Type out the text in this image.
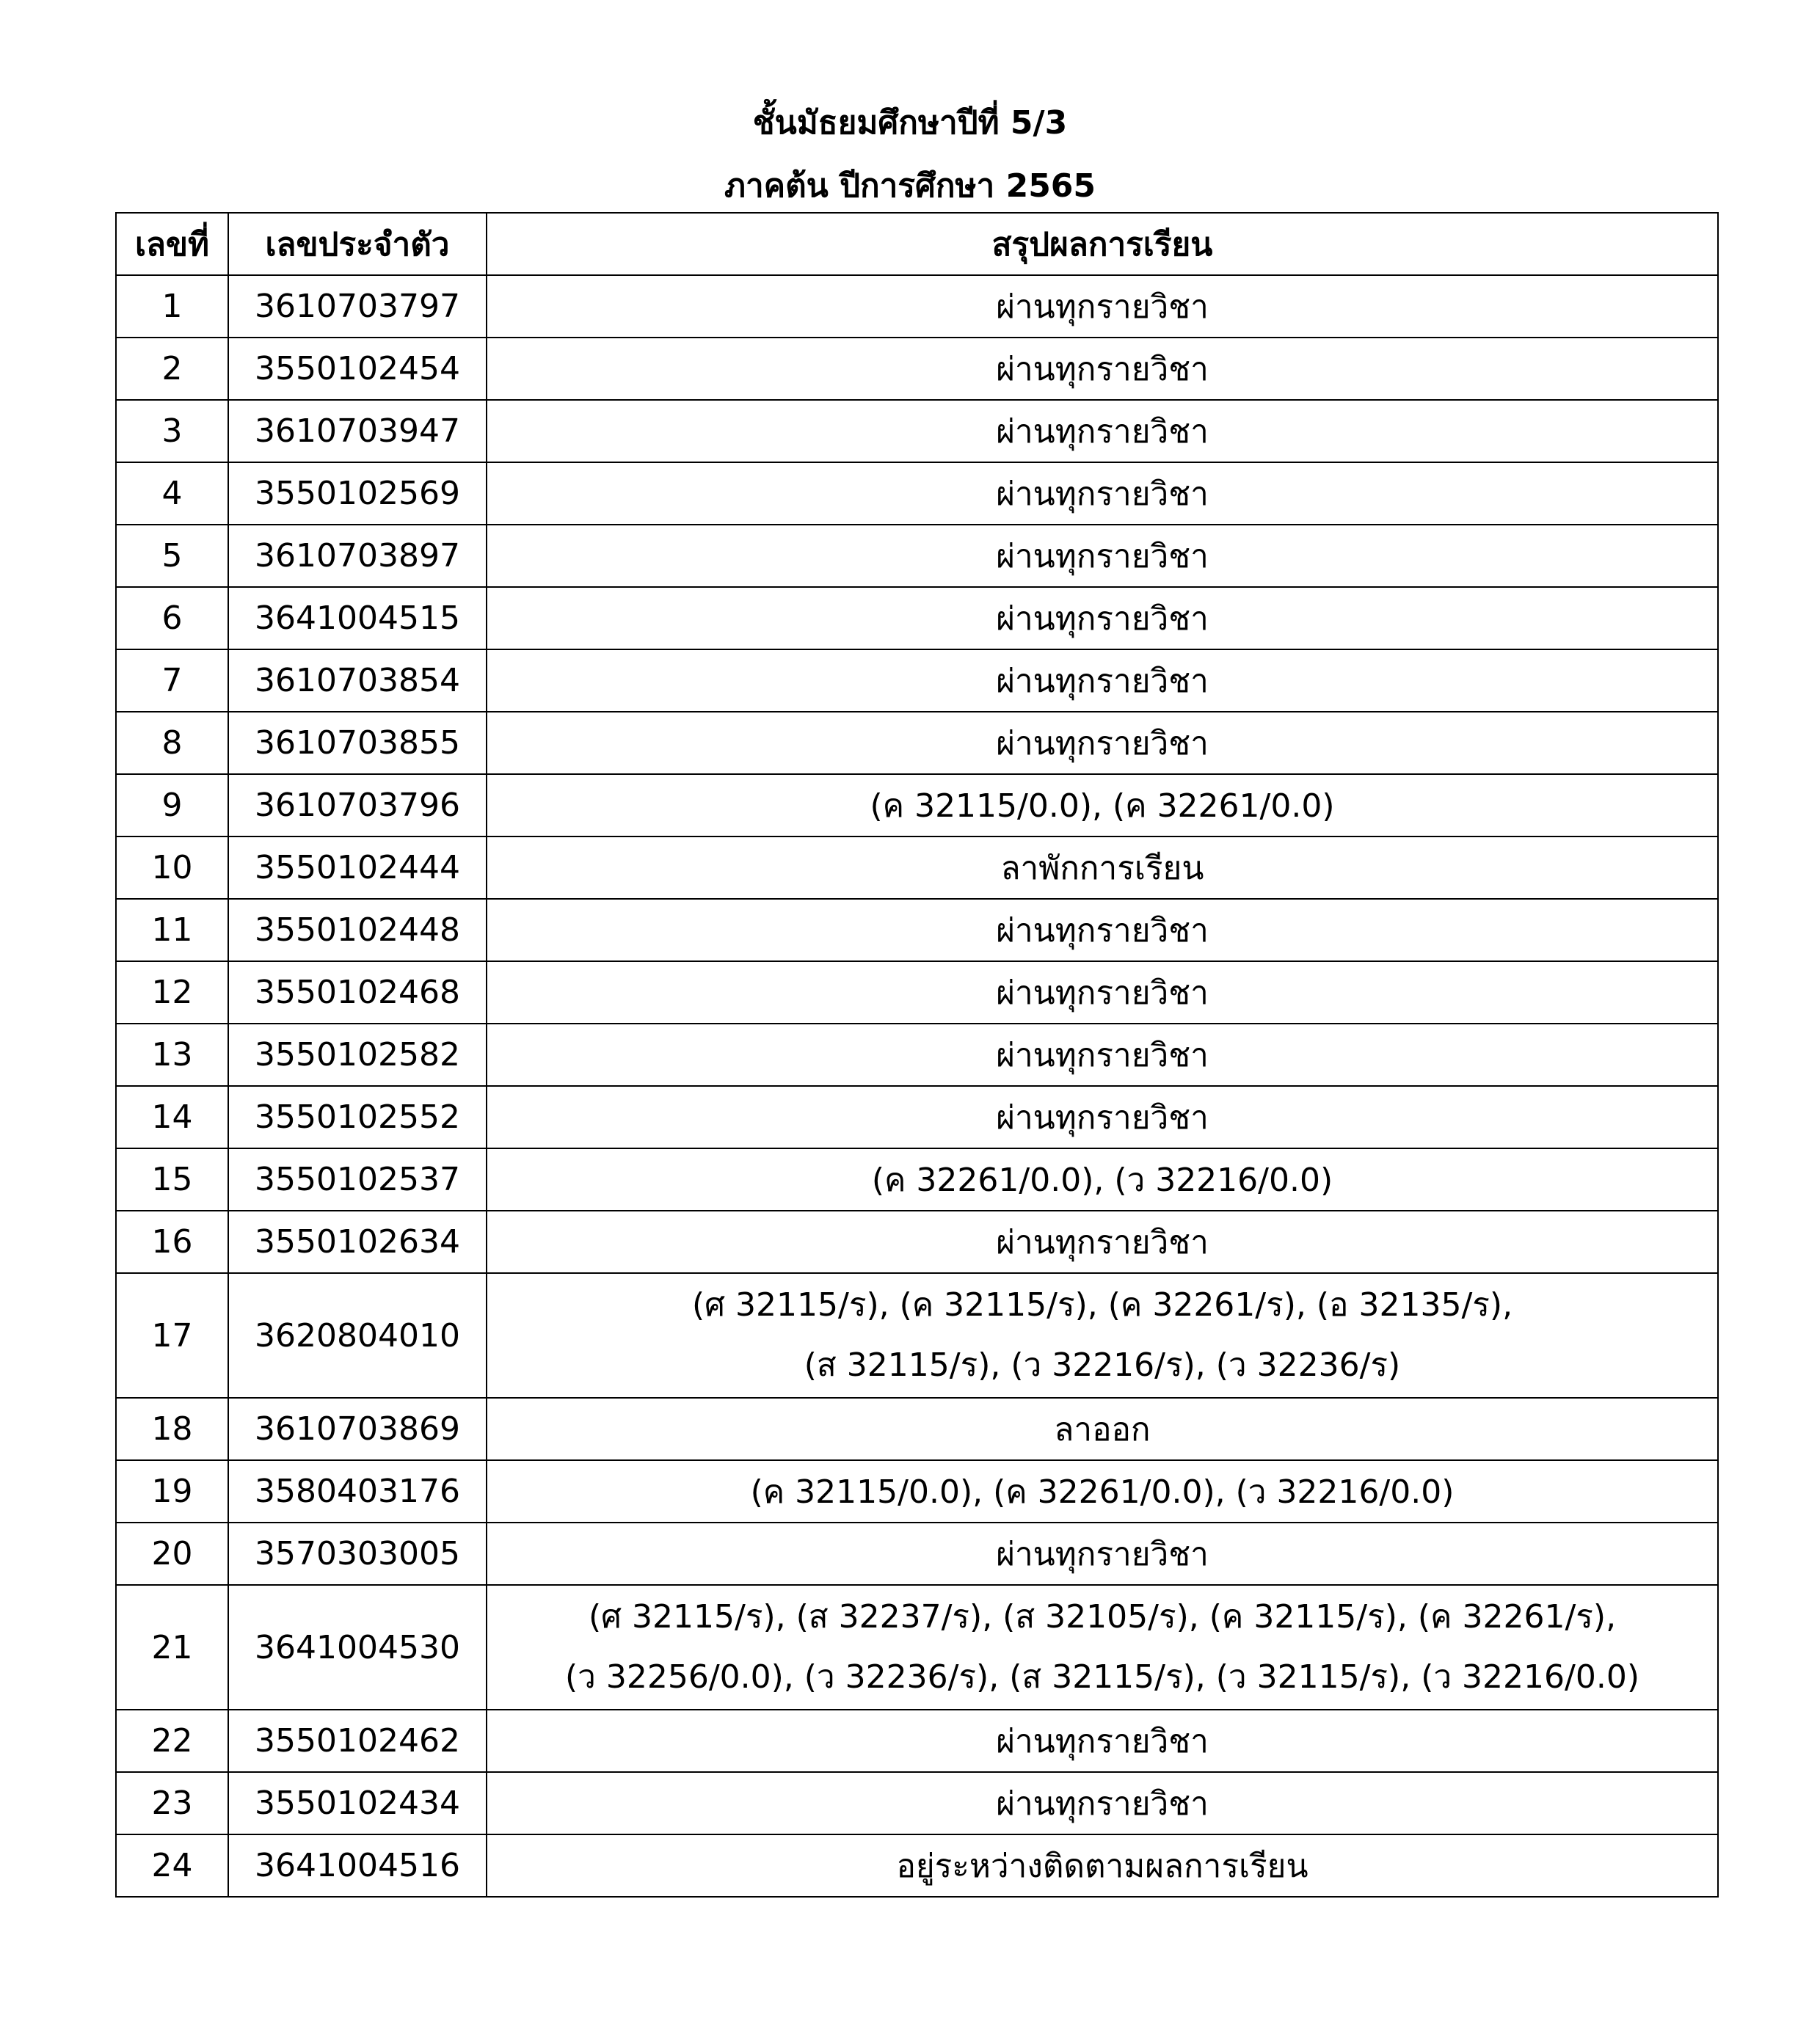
ชั้นมัธยมศึกษาปีที่ 5/3
ภาคต้น ปีการศึกษา 2565
เลขที่	เลขประจำตัว	สรุปผลการเรียน
1	3610703797	ผ่านทุกรายวิชา

2	3550102454	ผ่านทุกรายวิชา

3	3610703947	ผ่านทุกรายวิชา

4	3550102569	ผ่านทุกรายวิชา

5	3610703897	ผ่านทุกรายวิชา

6	3641004515	ผ่านทุกรายวิชา

7	3610703854	ผ่านทุกรายวิชา

8	3610703855	ผ่านทุกรายวิชา

9	3610703796	(ค 32115/0.0), (ค 32261/0.0)

10	3550102444	ลาพักการเรียน

11	3550102448	ผ่านทุกรายวิชา

12	3550102468	ผ่านทุกรายวิชา

13	3550102582	ผ่านทุกรายวิชา

14	3550102552	ผ่านทุกรายวิชา

15	3550102537	(ค 32261/0.0), (ว 32216/0.0)

16	3550102634	ผ่านทุกรายวิชา

17	3620804010	(ศ 32115/ร), (ค 32115/ร), (ค 32261/ร), (อ 32135/ร),
(ส 32115/ร), (ว 32216/ร), (ว 32236/ร)

18	3610703869	ลาออก

19	3580403176	(ค 32115/0.0), (ค 32261/0.0), (ว 32216/0.0)

20	3570303005	ผ่านทุกรายวิชา

21	3641004530	(ศ 32115/ร), (ส 32237/ร), (ส 32105/ร), (ค 32115/ร), (ค 32261/ร),
(ว 32256/0.0), (ว 32236/ร), (ส 32115/ร), (ว 32115/ร), (ว 32216/0.0)

22	3550102462	ผ่านทุกรายวิชา

23	3550102434	ผ่านทุกรายวิชา

24	3641004516	อยู่ระหว่างติดตามผลการเรียน
